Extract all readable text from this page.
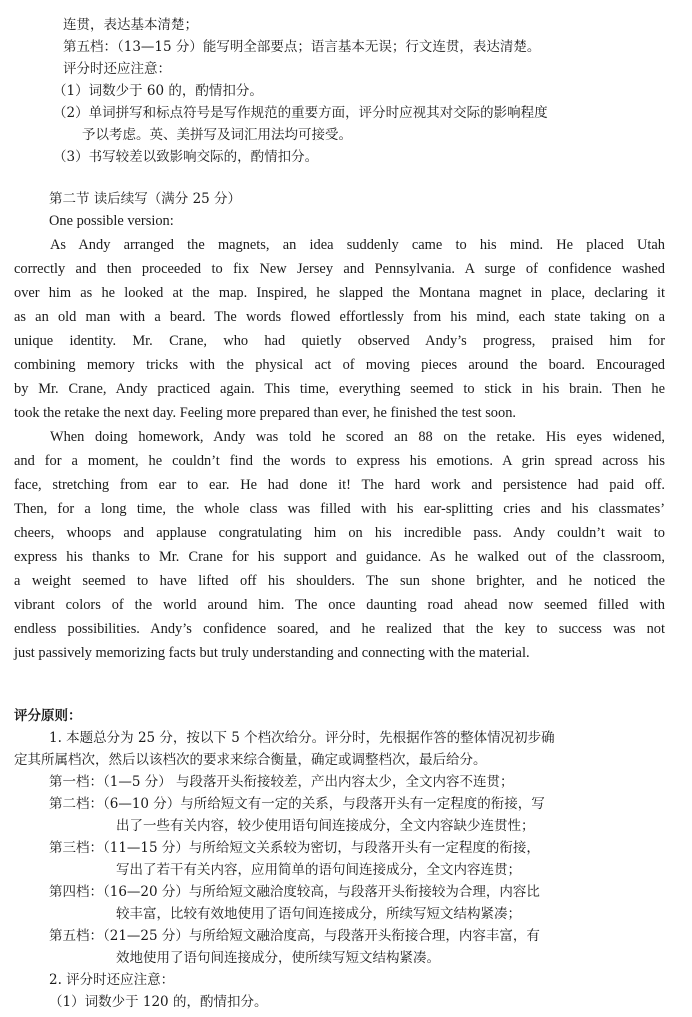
连贯，表达基本清楚；
第五档：（13—15 分）能写明全部要点；语言基本无误；行文连贯，表达清楚。
评分时还应注意：
（1）词数少于 60 的，酌情扣分。
（2）单词拼写和标点符号是写作规范的重要方面，评分时应视其对交际的影响程度
予以考虑。英、美拼写及词汇用法均可接受。
（3）书写较差以致影响交际的，酌情扣分。
第二节 读后续写（满分 25 分）
One possible version:
As Andy arranged the magnets, an idea suddenly came to his mind. He placed Utah
correctly and then proceeded to fix New Jersey and Pennsylvania. A surge of confidence washed
over him as he looked at the map. Inspired, he slapped the Montana magnet in place, declaring it
as an old man with a beard. The words flowed effortlessly from his mind, each state taking on a
unique identity. Mr. Crane, who had quietly observed Andy’s progress, praised him for
combining memory tricks with the physical act of moving pieces around the board. Encouraged
by Mr. Crane, Andy practiced again. This time, everything seemed to stick in his brain. Then he
took the retake the next day. Feeling more prepared than ever, he finished the test soon.
When doing homework, Andy was told he scored an 88 on the retake. His eyes widened,
and for a moment, he couldn’t find the words to express his emotions. A grin spread across his
face, stretching from ear to ear. He had done it! The hard work and persistence had paid off.
Then, for a long time, the whole class was filled with his ear-splitting cries and his classmates’
cheers, whoops and applause congratulating him on his incredible pass. Andy couldn’t wait to
express his thanks to Mr. Crane for his support and guidance. As he walked out of the classroom,
a weight seemed to have lifted off his shoulders. The sun shone brighter, and he noticed the
vibrant colors of the world around him. The once daunting road ahead now seemed filled with
endless possibilities. Andy’s confidence soared, and he realized that the key to success was not
just passively memorizing facts but truly understanding and connecting with the material.
评分原则：
1. 本题总分为 25 分，按以下 5 个档次给分。评分时，先根据作答的整体情况初步确
定其所属档次，然后以该档次的要求来综合衡量，确定或调整档次，最后给分。
第一档：（1—5 分） 与段落开头衔接较差，产出内容太少，全文内容不连贯；
第二档：（6—10 分）与所给短文有一定的关系，与段落开头有一定程度的衔接，写
出了一些有关内容，较少使用语句间连接成分，全文内容缺少连贯性；
第三档：（11—15 分）与所给短文关系较为密切，与段落开头有一定程度的衔接，
写出了若干有关内容，应用简单的语句间连接成分，全文内容连贯；
第四档：（16—20 分）与所给短文融洽度较高，与段落开头衔接较为合理，内容比
较丰富，比较有效地使用了语句间连接成分，所续写短文结构紧凑；
第五档：（21—25 分）与所给短文融洽度高，与段落开头衔接合理，内容丰富，有
效地使用了语句间连接成分，使所续写短文结构紧凑。
2. 评分时还应注意：
（1）词数少于 120 的，酌情扣分。
